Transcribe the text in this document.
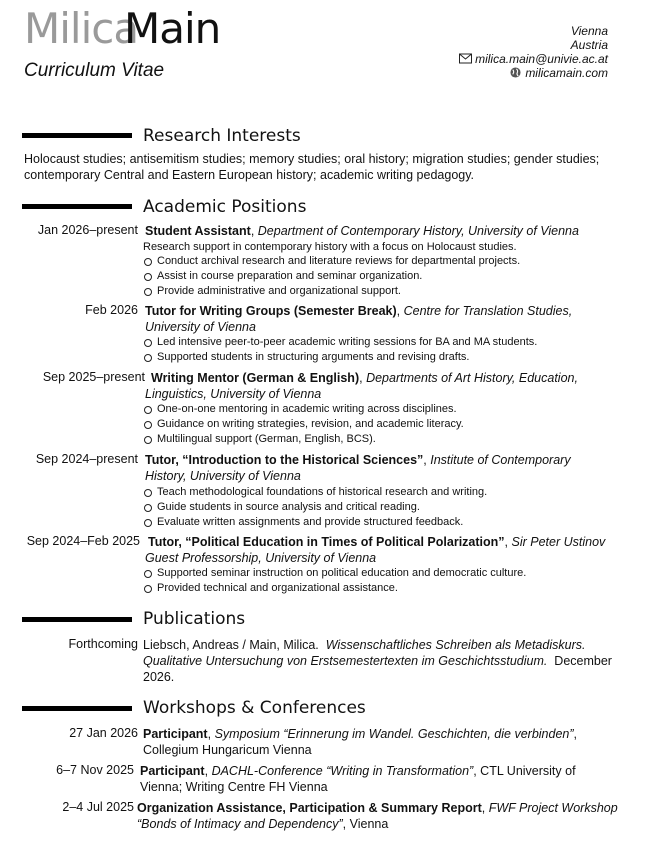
Milica
Main
Curriculum Vitae
Vienna
Austria
milica.main@univie.ac.at
milicamain.com
Research Interests
Holocaust studies; antisemitism studies; memory studies; oral history; migration studies; gender studies; contemporary Central and Eastern European history; academic writing pedagogy.
Academic Positions
Jan 2026–present Student Assistant, Department of Contemporary History, University of Vienna
Research support in contemporary history with a focus on Holocaust studies.
Conduct archival research and literature reviews for departmental projects.
Assist in course preparation and seminar organization.
Provide administrative and organizational support.
Feb 2026 Tutor for Writing Groups (Semester Break), Centre for Translation Studies, University of Vienna
Led intensive peer-to-peer academic writing sessions for BA and MA students.
Supported students in structuring arguments and revising drafts.
Sep 2025–present Writing Mentor (German & English), Departments of Art History, Education, Linguistics, University of Vienna
One-on-one mentoring in academic writing across disciplines.
Guidance on writing strategies, revision, and academic literacy.
Multilingual support (German, English, BCS).
Sep 2024–present Tutor, “Introduction to the Historical Sciences”, Institute of Contemporary History, University of Vienna
Teach methodological foundations of historical research and writing.
Guide students in source analysis and critical reading.
Evaluate written assignments and provide structured feedback.
Sep 2024–Feb 2025 Tutor, “Political Education in Times of Political Polarization”, Sir Peter Ustinov Guest Professorship, University of Vienna
Supported seminar instruction on political education and democratic culture.
Provided technical and organizational assistance.
Publications
Forthcoming Liebsch, Andreas / Main, Milica. Wissenschaftliches Schreiben als Metadiskurs. Qualitative Untersuchung von Erstsemestertexten im Geschichtsstudium. December 2026.
Workshops & Conferences
27 Jan 2026 Participant, Symposium “Erinnerung im Wandel. Geschichten, die verbinden”, Collegium Hungaricum Vienna
6–7 Nov 2025 Participant, DACHL-Conference “Writing in Transformation”, CTL University of Vienna; Writing Centre FH Vienna
2–4 Jul 2025 Organization Assistance, Participation & Summary Report, FWF Project Workshop “Bonds of Intimacy and Dependency”, Vienna
